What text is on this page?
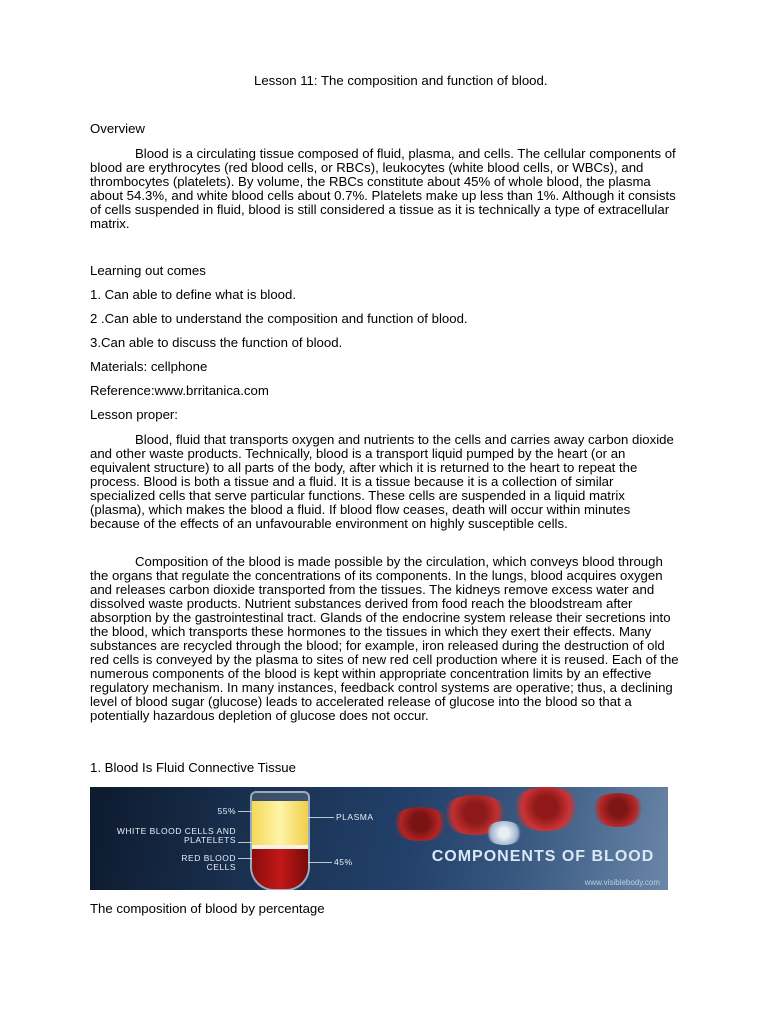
Lesson 11: The composition and function of blood.
Overview

Blood is a circulating tissue composed of fluid, plasma, and cells. The cellular components of blood are erythrocytes (red blood cells, or RBCs), leukocytes (white blood cells, or WBCs), and thrombocytes (platelets). By volume, the RBCs constitute about 45% of whole blood, the plasma about 54.3%, and white blood cells about 0.7%. Platelets make up less than 1%. Although it consists of cells suspended in fluid, blood is still considered a tissue as it is technically a type of extracellular matrix.

Learning out comes
1. Can able to define what is blood.
2 .Can able to understand the composition and function of blood.
3.Can able to discuss the function of blood.
Materials: cellphone
Reference:www.brritanica.com
Lesson proper:

Blood, fluid that transports oxygen and nutrients to the cells and carries away carbon dioxide and other waste products. Technically, blood is a transport liquid pumped by the heart (or an equivalent structure) to all parts of the body, after which it is returned to the heart to repeat the process. Blood is both a tissue and a fluid. It is a tissue because it is a collection of similar specialized cells that serve particular functions. These cells are suspended in a liquid matrix (plasma), which makes the blood a fluid. If blood flow ceases, death will occur within minutes because of the effects of an unfavourable environment on highly susceptible cells.

Composition of the blood is made possible by the circulation, which conveys blood through the organs that regulate the concentrations of its components. In the lungs, blood acquires oxygen and releases carbon dioxide transported from the tissues. The kidneys remove excess water and dissolved waste products. Nutrient substances derived from food reach the bloodstream after absorption by the gastrointestinal tract. Glands of the endocrine system release their secretions into the blood, which transports these hormones to the tissues in which they exert their effects. Many substances are recycled through the blood; for example, iron released during the destruction of old red cells is conveyed by the plasma to sites of new red cell production where it is reused. Each of the numerous components of the blood is kept within appropriate concentration limits by an effective regulatory mechanism. In many instances, feedback control systems are operative; thus, a declining level of blood sugar (glucose) leads to accelerated release of glucose into the blood so that a potentially hazardous depletion of glucose does not occur.

1. Blood Is Fluid Connective Tissue
The composition of blood by percentage
55%
PLASMA
WHITE BLOOD CELLS AND PLATELETS
RED BLOOD CELLS	45%	COMPONENTS OF BLOOD
www.visiblebody.com
